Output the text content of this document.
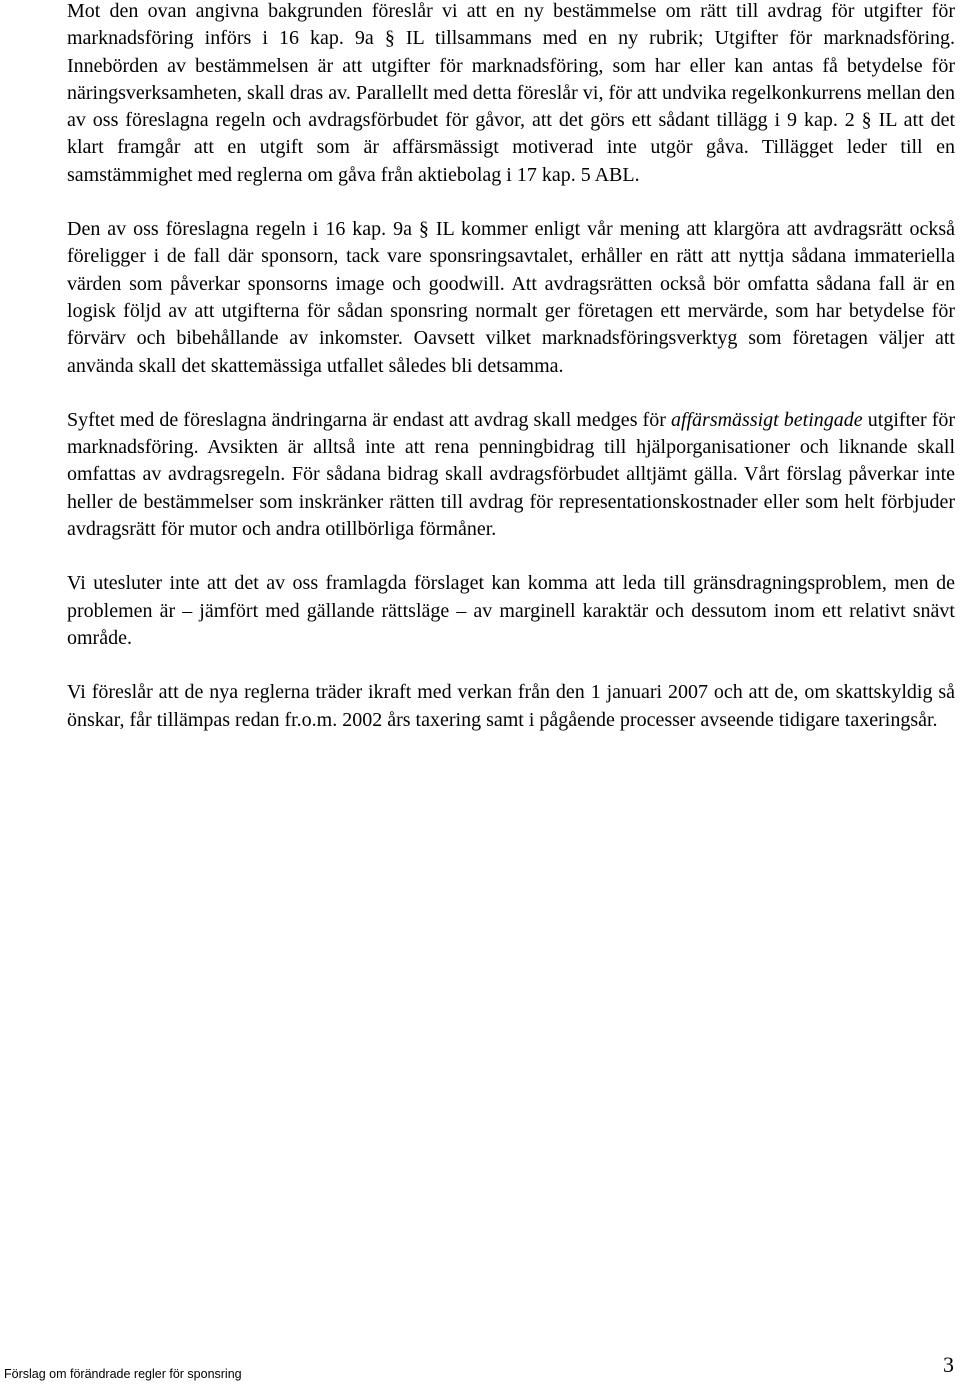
Mot den ovan angivna bakgrunden föreslår vi att en ny bestämmelse om rätt till avdrag för utgifter för marknadsföring införs i 16 kap. 9a § IL tillsammans med en ny rubrik; Utgifter för marknadsföring. Innebörden av bestämmelsen är att utgifter för marknadsföring, som har eller kan antas få betydelse för näringsverksamheten, skall dras av. Parallellt med detta föreslår vi, för att undvika regelkonkurrens mellan den av oss föreslagna regeln och avdragsförbudet för gåvor, att det görs ett sådant tillägg i 9 kap. 2 § IL att det klart framgår att en utgift som är affärsmässigt motiverad inte utgör gåva. Tillägget leder till en samstämmighet med reglerna om gåva från aktiebolag i 17 kap. 5 ABL.

Den av oss föreslagna regeln i 16 kap. 9a § IL kommer enligt vår mening att klargöra att avdragsrätt också föreligger i de fall där sponsorn, tack vare sponsringsavtalet, erhåller en rätt att nyttja sådana immateriella värden som påverkar sponsorns image och goodwill. Att avdragsrätten också bör omfatta sådana fall är en logisk följd av att utgifterna för sådan sponsring normalt ger företagen ett mervärde, som har betydelse för förvärv och bibehållande av inkomster. Oavsett vilket marknadsföringsverktyg som företagen väljer att använda skall det skattemässiga utfallet således bli detsamma.

Syftet med de föreslagna ändringarna är endast att avdrag skall medges för affärsmässigt betingade utgifter för marknadsföring. Avsikten är alltså inte att rena penningbidrag till hjälporganisationer och liknande skall omfattas av avdragsregeln. För sådana bidrag skall avdragsförbudet alltjämt gälla. Vårt förslag påverkar inte heller de bestämmelser som inskränker rätten till avdrag för representationskostnader eller som helt förbjuder avdragsrätt för mutor och andra otillbörliga förmåner.

Vi utesluter inte att det av oss framlagda förslaget kan komma att leda till gränsdragningsproblem, men de problemen är – jämfört med gällande rättsläge – av marginell karaktär och dessutom inom ett relativt snävt område.

Vi föreslår att de nya reglerna träder ikraft med verkan från den 1 januari 2007 och att de, om skattskyldig så önskar, får tillämpas redan fr.o.m. 2002 års taxering samt i pågående processer avseende tidigare taxeringsår.

Förslag om förändrade regler för sponsring	3
